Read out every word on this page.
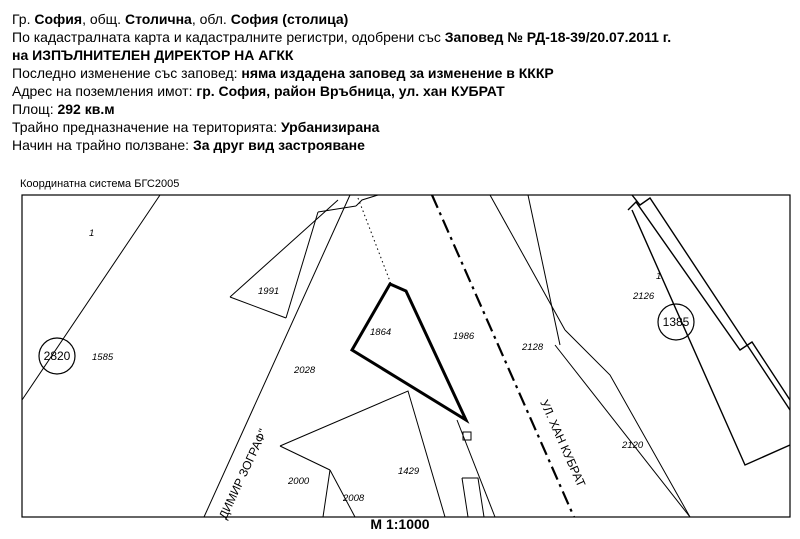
Гр. София, общ. Столична, обл. София (столица)
По кадастралната карта и кадастралните регистри, одобрени със Заповед № РД-18-39/20.07.2011 г.
на ИЗПЪЛНИТЕЛЕН ДИРЕКТОР НА АГКК
Последно изменение със заповед: няма издадена заповед за изменение в КККР
Адрес на поземления имот: гр. София, район Връбница, ул. хан КУБРАТ
Площ: 292 кв.м
Трайно предназначение на територията: Урбанизирана
Начин на трайно ползване: За друг вид застрояване
Координатна система БГС2005
1
1585
1991
1864	1986
2128
1
2126
2028
1429
2000
2008
2120
2820
1385
УЛ. ХАН КУБРАТ
ДИМИР ЗОГРАФ"
М 1:1000
